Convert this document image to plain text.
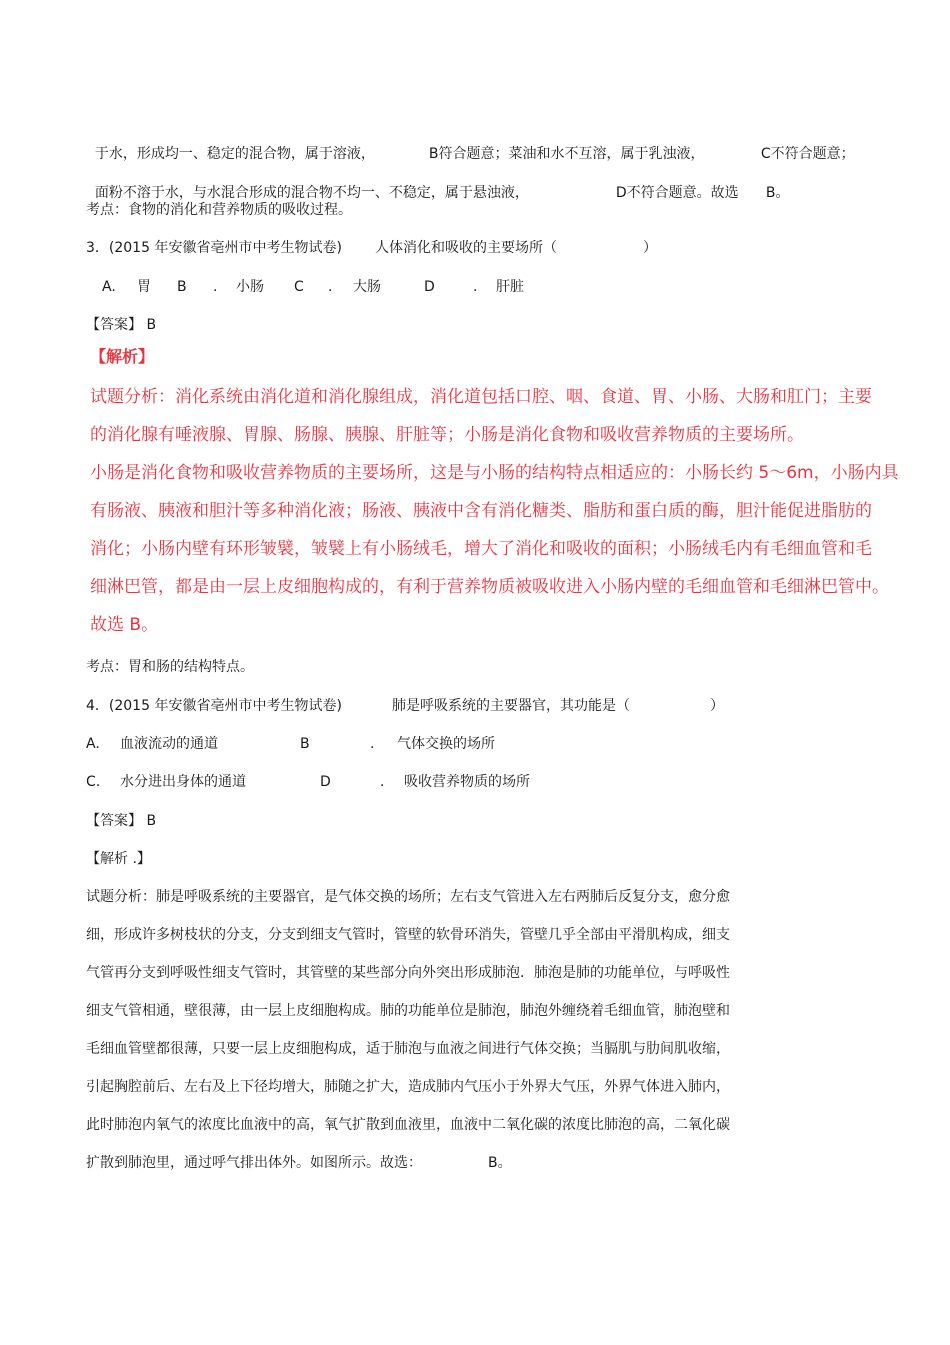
于水，形成均一、稳定的混合物，属于溶液，	B符合题意；菜油和水不互溶，属于乳浊液，	C不符合题意；

面粉不溶于水，与水混合形成的混合物不均一、不稳定，属于悬浊液，	D不符合题意。故选	B。

考点：食物的消化和营养物质的吸收过程。
3．(2015 年安徽省亳州市中考生物试卷) 人体消化和吸收的主要场所（	）
A. 胃 B . 小肠 C . 大肠	D	. 肝脏
【答案】 B
【解析】
试题分析：消化系统由消化道和消化腺组成，消化道包括口腔、咽、食道、胃、小肠、大肠和肛门；主要
的消化腺有唾液腺、胃腺、肠腺、胰腺、肝脏等；小肠是消化食物和吸收营养物质的主要场所。
小肠是消化食物和吸收营养物质的主要场所，这是与小肠的结构特点相适应的：小肠长约 5～6m，小肠内具
有肠液、胰液和胆汁等多种消化液；肠液、胰液中含有消化糖类、脂肪和蛋白质的酶，胆汁能促进脂肪的
消化；小肠内壁有环形皱襞，皱襞上有小肠绒毛，增大了消化和吸收的面积；小肠绒毛内有毛细血管和毛
细淋巴管，都是由一层上皮细胞构成的，有利于营养物质被吸收进入小肠内壁的毛细血管和毛细淋巴管中。
故选 B。
考点：胃和肠的结构特点。
4．(2015 年安徽省亳州市中考生物试卷)	肺是呼吸系统的主要器官，其功能是（	）
A. 血液流动的通道	B	. 气体交换的场所
C. 水分进出身体的通道	D	. 吸收营养物质的场所
【答案】 B
【解析 .】
试题分析：肺是呼吸系统的主要器官，是气体交换的场所；左右支气管进入左右两肺后反复分支，愈分愈
细，形成许多树枝状的分支，分支到细支气管时，管壁的软骨环消失，管壁几乎全部由平滑肌构成，细支
气管再分支到呼吸性细支气管时，其管壁的某些部分向外突出形成肺泡．肺泡是肺的功能单位，与呼吸性
细支气管相通，壁很薄，由一层上皮细胞构成。肺的功能单位是肺泡，肺泡外缠绕着毛细血管，肺泡壁和
毛细血管壁都很薄，只要一层上皮细胞构成，适于肺泡与血液之间进行气体交换；当膈肌与肋间肌收缩，
引起胸腔前后、左右及上下径均增大，肺随之扩大，造成肺内气压小于外界大气压，外界气体进入肺内，
此时肺泡内氧气的浓度比血液中的高，氧气扩散到血液里，血液中二氧化碳的浓度比肺泡的高，二氧化碳
扩散到肺泡里，通过呼气排出体外。如图所示。故选：	B。
